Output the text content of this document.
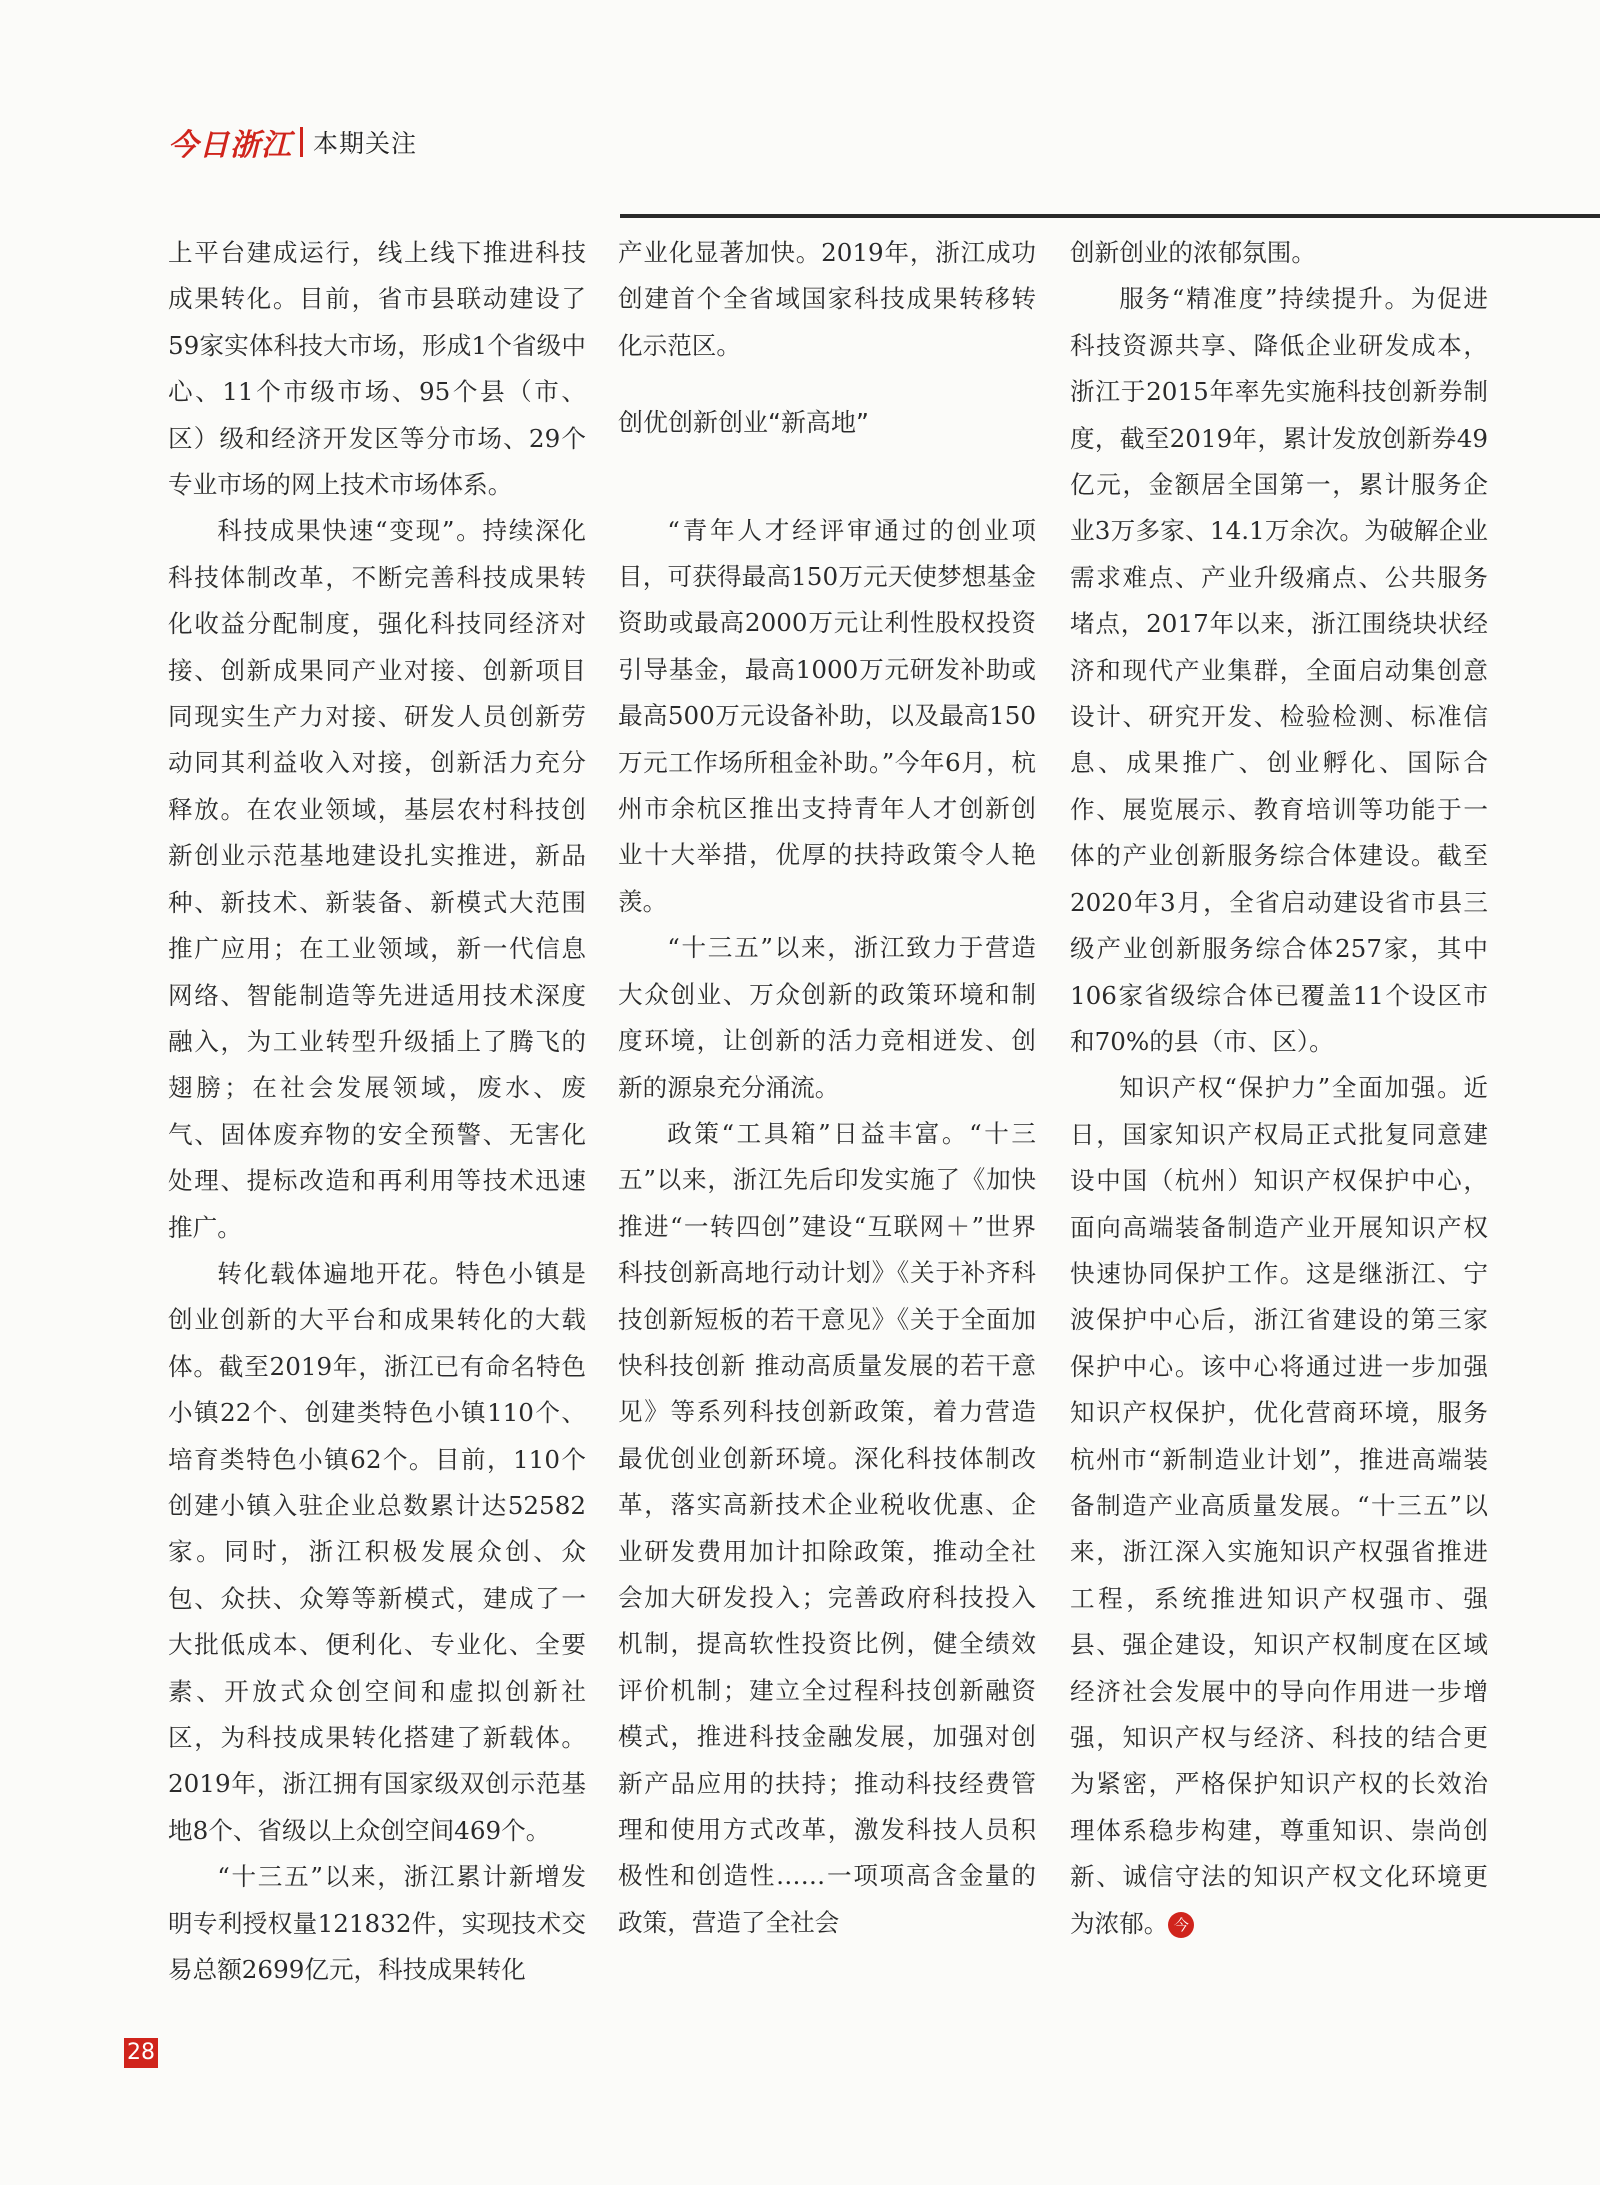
今日浙江 本期关注

上平台建成运行，线上线下推进科技成果转化。目前，省市县联动建设了59家实体科技大市场，形成1个省级中心、11个市级市场、95个县（市、区）级和经济开发区等分市场、29个专业市场的网上技术市场体系。

科技成果快速“变现”。持续深化科技体制改革，不断完善科技成果转化收益分配制度，强化科技同经济对接、创新成果同产业对接、创新项目同现实生产力对接、研发人员创新劳动同其利益收入对接，创新活力充分释放。在农业领域，基层农村科技创新创业示范基地建设扎实推进，新品种、新技术、新装备、新模式大范围推广应用；在工业领域，新一代信息网络、智能制造等先进适用技术深度融入，为工业转型升级插上了腾飞的翅膀；在社会发展领域，废水、废气、固体废弃物的安全预警、无害化处理、提标改造和再利用等技术迅速推广。

转化载体遍地开花。特色小镇是创业创新的大平台和成果转化的大载体。截至2019年，浙江已有命名特色小镇22个、创建类特色小镇110个、培育类特色小镇62个。目前，110个创建小镇入驻企业总数累计达52582家。同时，浙江积极发展众创、众包、众扶、众筹等新模式，建成了一大批低成本、便利化、专业化、全要素、开放式众创空间和虚拟创新社区，为科技成果转化搭建了新载体。2019年，浙江拥有国家级双创示范基地8个、省级以上众创空间469个。

“十三五”以来，浙江累计新增发明专利授权量121832件，实现技术交易总额2699亿元，科技成果转化

产业化显著加快。2019年，浙江成功创建首个全省域国家科技成果转移转化示范区。

创优创新创业“新高地”

“青年人才经评审通过的创业项目，可获得最高150万元天使梦想基金资助或最高2000万元让利性股权投资引导基金，最高1000万元研发补助或最高500万元设备补助，以及最高150万元工作场所租金补助。”今年6月，杭州市余杭区推出支持青年人才创新创业十大举措，优厚的扶持政策令人艳羡。

“十三五”以来，浙江致力于营造大众创业、万众创新的政策环境和制度环境，让创新的活力竞相迸发、创新的源泉充分涌流。

政策“工具箱”日益丰富。“十三五”以来，浙江先后印发实施了《加快推进“一转四创”建设“互联网＋”世界科技创新高地行动计划》《关于补齐科技创新短板的若干意见》《关于全面加快科技创新 推动高质量发展的若干意见》等系列科技创新政策，着力营造最优创业创新环境。深化科技体制改革，落实高新技术企业税收优惠、企业研发费用加计扣除政策，推动全社会加大研发投入；完善政府科技投入机制，提高软性投资比例，健全绩效评价机制；建立全过程科技创新融资模式，推进科技金融发展，加强对创新产品应用的扶持；推动科技经费管理和使用方式改革，激发科技人员积极性和创造性……一项项高含金量的政策，营造了全社会

创新创业的浓郁氛围。

服务“精准度”持续提升。为促进科技资源共享、降低企业研发成本，浙江于2015年率先实施科技创新券制度，截至2019年，累计发放创新券49亿元，金额居全国第一，累计服务企业3万多家、14.1万余次。为破解企业需求难点、产业升级痛点、公共服务堵点，2017年以来，浙江围绕块状经济和现代产业集群，全面启动集创意设计、研究开发、检验检测、标准信息、成果推广、创业孵化、国际合作、展览展示、教育培训等功能于一体的产业创新服务综合体建设。截至2020年3月，全省启动建设省市县三级产业创新服务综合体257家，其中106家省级综合体已覆盖11个设区市和70%的县（市、区）。

知识产权“保护力”全面加强。近日，国家知识产权局正式批复同意建设中国（杭州）知识产权保护中心，面向高端装备制造产业开展知识产权快速协同保护工作。这是继浙江、宁波保护中心后，浙江省建设的第三家保护中心。该中心将通过进一步加强知识产权保护，优化营商环境，服务杭州市“新制造业计划”，推进高端装备制造产业高质量发展。“十三五”以来，浙江深入实施知识产权强省推进工程，系统推进知识产权强市、强县、强企建设，知识产权制度在区域经济社会发展中的导向作用进一步增强，知识产权与经济、科技的结合更为紧密，严格保护知识产权的长效治理体系稳步构建，尊重知识、崇尚创新、诚信守法的知识产权文化环境更为浓郁。 今

28
